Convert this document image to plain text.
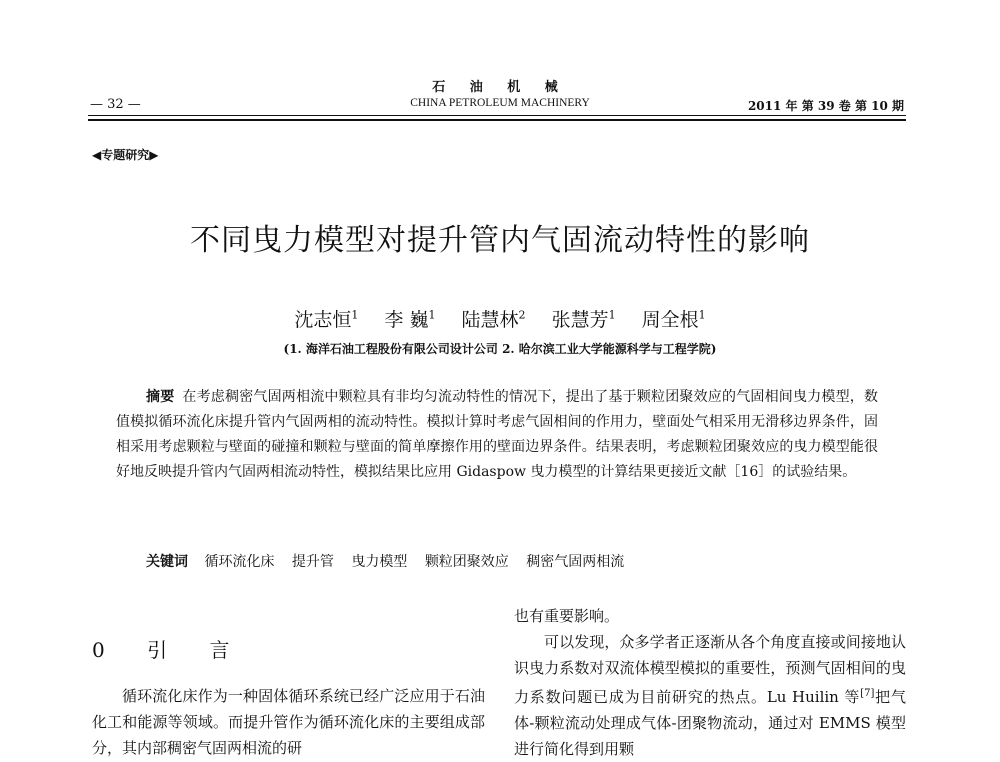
石 油 机 械
— 32 —	CHINA PETROLEUM MACHINERY	2011 年 第 39 卷 第 10 期
◀专题研究▶
不同曳力模型对提升管内气固流动特性的影响
沈志恒$^1$ 李 巍$^1$ 陆慧林$^2$ 张慧芳$^1$ 周全根$^1$
(1. 海洋石油工程股份有限公司设计公司 2. 哈尔滨工业大学能源科学与工程学院)
摘要 在考虑稠密气固两相流中颗粒具有非均匀流动特性的情况下，提出了基于颗粒团聚效应的气固相间曳力模型，数值模拟循环流化床提升管内气固两相的流动特性。模拟计算时考虑气固相间的作用力，壁面处气相采用无滑移边界条件，固相采用考虑颗粒与壁面的碰撞和颗粒与壁面的简单摩擦作用的壁面边界条件。结果表明，考虑颗粒团聚效应的曳力模型能很好地反映提升管内气固两相流动特性，模拟结果比应用 Gidaspow 曳力模型的计算结果更接近文献［16］的试验结果。
关键词 循环流化床 提升管 曳力模型 颗粒团聚效应 稠密气固两相流
0 引 言

循环流化床作为一种固体循环系统已经广泛应用于石油化工和能源等领域。而提升管作为循环流化床的主要组成部分，其内部稠密气固两相流的研

也有重要影响。

可以发现，众多学者正逐渐从各个角度直接或间接地认识曳力系数对双流体模型模拟的重要性，预测气固相间的曳力系数问题已成为目前研究的热点。Lu Huilin 等[7]把气体-颗粒流动处理成气体-团聚物流动，通过对 EMMS 模型进行简化得到用颗
